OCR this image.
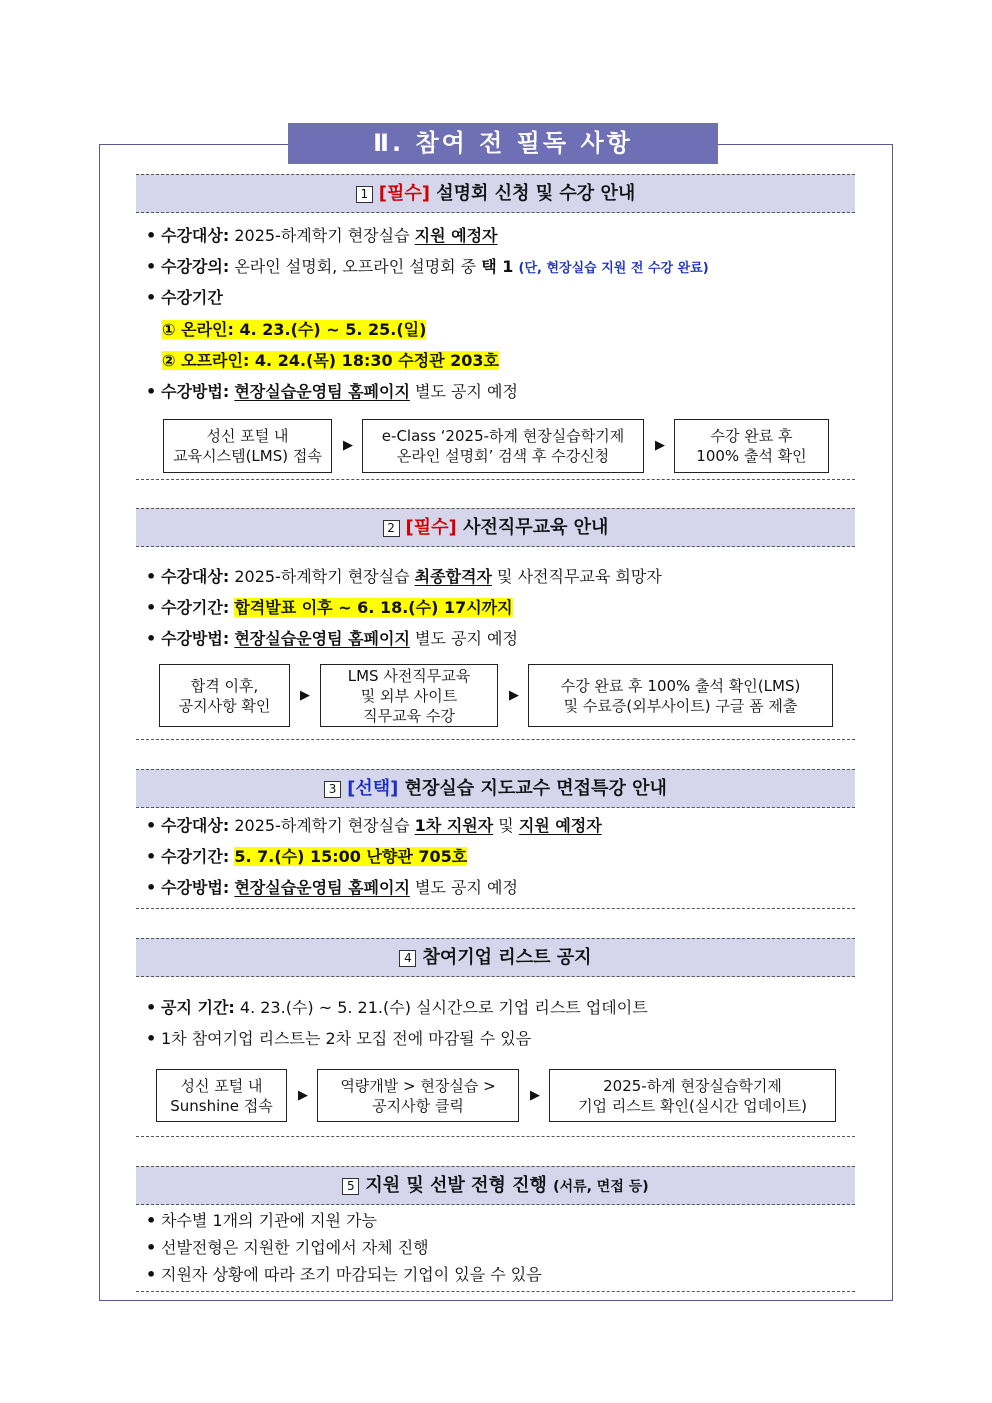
Ⅱ. 참여 전 필독 사항
1 [필수] 설명회 신청 및 수강 안내
• 수강대상: 2025-하계학기 현장실습 지원 예정자
• 수강강의: 온라인 설명회, 오프라인 설명회 중 택 1 (단, 현장실습 지원 전 수강 완료)
• 수강기간
① 온라인: 4. 23.(수) ~ 5. 25.(일)
② 오프라인: 4. 24.(목) 18:30 수정관 203호
• 수강방법: 현장실습운영팀 홈페이지 별도 공지 예정
성신 포털 내
교육시스템(LMS) 접속
▶
e-Class ‘2025-하계 현장실습학기제
온라인 설명회’ 검색 후 수강신청
▶
수강 완료 후
100% 출석 확인
2 [필수] 사전직무교육 안내
• 수강대상: 2025-하계학기 현장실습 최종합격자 및 사전직무교육 희망자
• 수강기간: 합격발표 이후 ~ 6. 18.(수) 17시까지
• 수강방법: 현장실습운영팀 홈페이지 별도 공지 예정
합격 이후,
공지사항 확인
▶
LMS 사전직무교육
및 외부 사이트
직무교육 수강
▶
수강 완료 후 100% 출석 확인(LMS)
및 수료증(외부사이트) 구글 폼 제출
3 [선택] 현장실습 지도교수 면접특강 안내
• 수강대상: 2025-하계학기 현장실습 1차 지원자 및 지원 예정자
• 수강기간: 5. 7.(수) 15:00 난향관 705호
• 수강방법: 현장실습운영팀 홈페이지 별도 공지 예정
4 참여기업 리스트 공지
• 공지 기간: 4. 23.(수) ~ 5. 21.(수) 실시간으로 기업 리스트 업데이트
• 1차 참여기업 리스트는 2차 모집 전에 마감될 수 있음
성신 포털 내
Sunshine 접속
▶
역량개발 > 현장실습 >
공지사항 클릭
▶
2025-하계 현장실습학기제
기업 리스트 확인(실시간 업데이트)
5 지원 및 선발 전형 진행 (서류, 면접 등)
• 차수별 1개의 기관에 지원 가능
• 선발전형은 지원한 기업에서 자체 진행
• 지원자 상황에 따라 조기 마감되는 기업이 있을 수 있음
